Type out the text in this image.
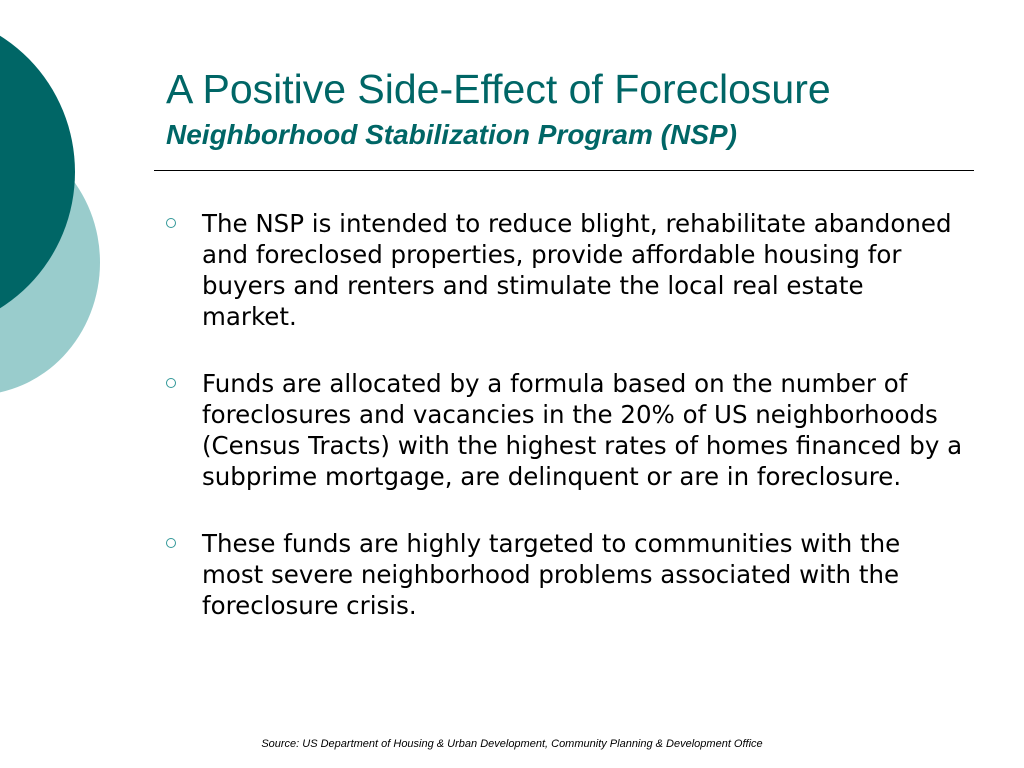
A Positive Side-Effect of Foreclosure
Neighborhood Stabilization Program (NSP)
The NSP is intended to reduce blight, rehabilitate abandoned and foreclosed properties, provide affordable housing for buyers and renters and stimulate the local real estate market.
Funds are allocated by a formula based on the number of foreclosures and vacancies in the 20% of US neighborhoods (Census Tracts) with the highest rates of homes financed by a subprime mortgage, are delinquent or are in foreclosure.
These funds are highly targeted to communities with the most severe neighborhood problems associated with the foreclosure crisis.

Source: US Department of Housing & Urban Development, Community Planning & Development Office
